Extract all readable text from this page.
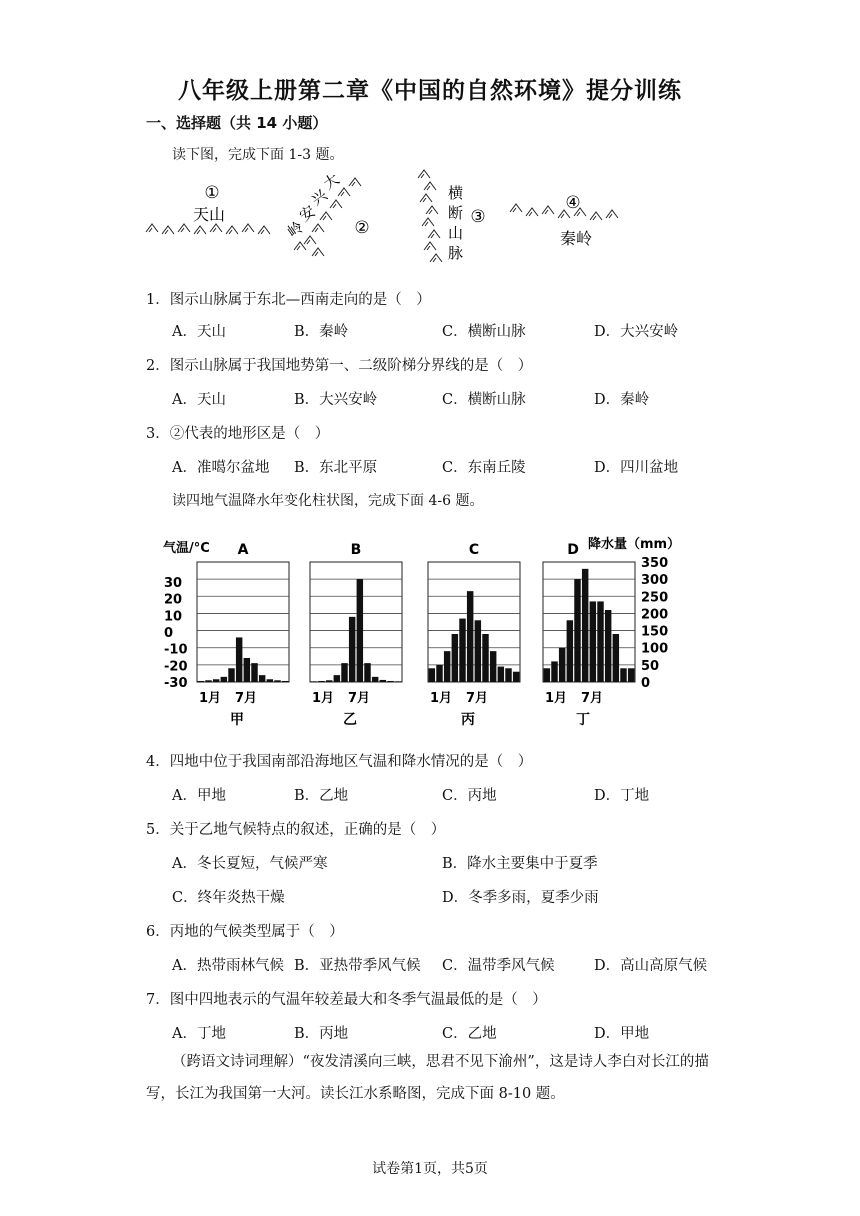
八年级上册第二章《中国的自然环境》提分训练
一、选择题（共 14 小题）
读下图，完成下面 1-3 题。
①
天山
大
兴
安
岭	②
横
断
山
脉
③
④
秦岭
1．图示山脉属于东北—西南走向的是（　）
A．天山	B．秦岭	C．横断山脉	D．大兴安岭
2．图示山脉属于我国地势第一、二级阶梯分界线的是（　）
A．天山	B．大兴安岭	C．横断山脉	D．秦岭
3．②代表的地形区是（　）
A．准噶尔盆地 B．东北平原	C．东南丘陵	D．四川盆地
读四地气温降水年变化柱状图，完成下面 4-6 题。
气温/°C	降水量（mm）
30
20
10
0
-10
-20
-30
350
300
250
200
150
100
50
0
A
1月 7月
甲
B
1月 7月
乙
C
1月 7月
丙
D
1月 7月
丁
4．四地中位于我国南部沿海地区气温和降水情况的是（　）
A．甲地	B．乙地	C．丙地	D．丁地
5．关于乙地气候特点的叙述，正确的是（　）
A．冬长夏短，气候严寒	B．降水主要集中于夏季
C．终年炎热干燥	D．冬季多雨，夏季少雨
6．丙地的气候类型属于（　）
A．热带雨林气候 B．亚热带季风气候 C．温带季风气候	D．高山高原气候
7．图中四地表示的气温年较差最大和冬季气温最低的是（　）
A．丁地	B．丙地	C．乙地	D．甲地
（跨语文诗词理解）“夜发清溪向三峡，思君不见下渝州”，这是诗人李白对长江的描写，长江为我国第一大河。读长江水系略图，完成下面 8-10 题。
试卷第1页，共5页
